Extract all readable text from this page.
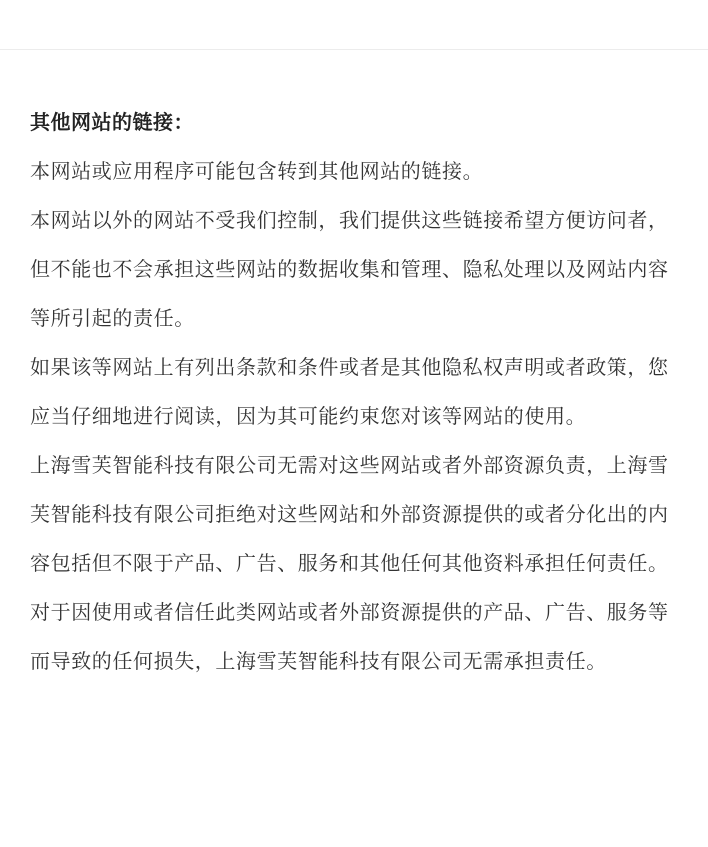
其他网站的链接：

本网站或应用程序可能包含转到其他网站的链接。

本网站以外的网站不受我们控制，我们提供这些链接希望方便访问者，但不能也不会承担这些网站的数据收集和管理、隐私处理以及网站内容等所引起的责任。

如果该等网站上有列出条款和条件或者是其他隐私权声明或者政策，您应当仔细地进行阅读，因为其可能约束您对该等网站的使用。

上海雪芙智能科技有限公司无需对这些网站或者外部资源负责，上海雪芙智能科技有限公司拒绝对这些网站和外部资源提供的或者分化出的内容包括但不限于产品、广告、服务和其他任何其他资料承担任何责任。

对于因使用或者信任此类网站或者外部资源提供的产品、广告、服务等而导致的任何损失，上海雪芙智能科技有限公司无需承担责任。
